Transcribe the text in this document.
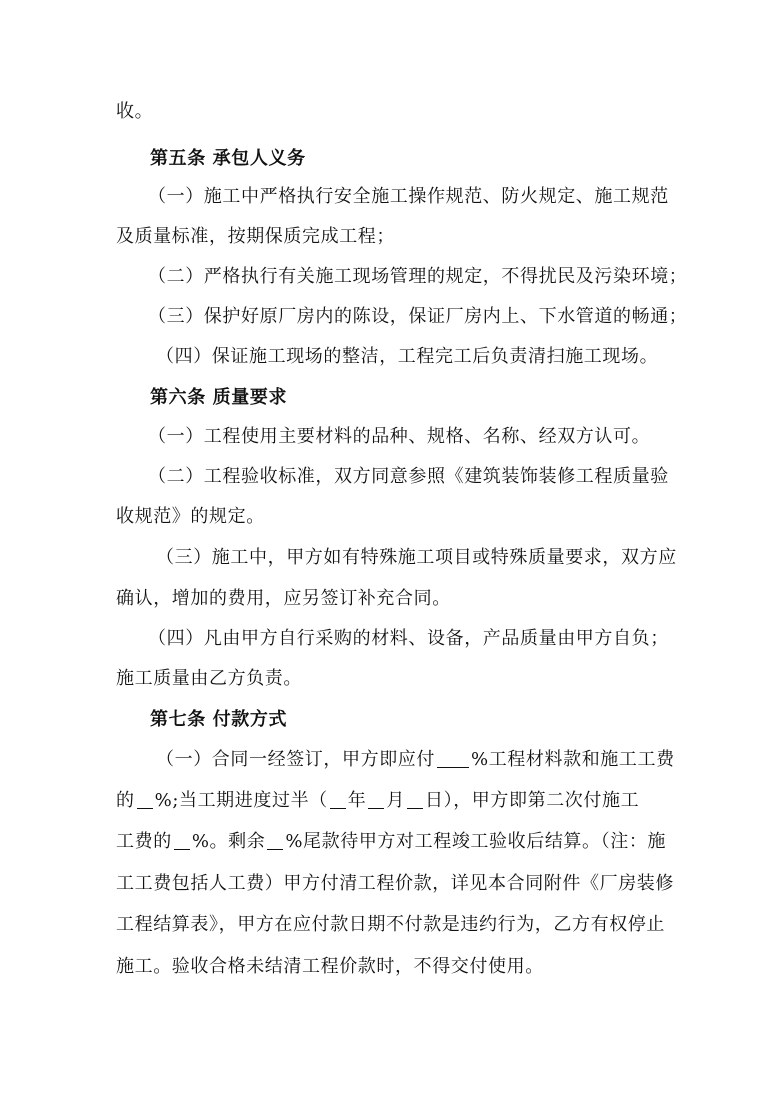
收。
第五条 承包人义务
（一）施工中严格执行安全施工操作规范、防火规定、施工规范
及质量标准，按期保质完成工程；
（二）严格执行有关施工现场管理的规定，不得扰民及污染环境；
（三）保护好原厂房内的陈设，保证厂房内上、下水管道的畅通；
（四）保证施工现场的整洁，工程完工后负责清扫施工现场。
第六条 质量要求
（一）工程使用主要材料的品种、规格、名称、经双方认可。
（二）工程验收标准，双方同意参照《建筑装饰装修工程质量验
收规范》的规定。
（三）施工中，甲方如有特殊施工项目或特殊质量要求，双方应
确认，增加的费用，应另签订补充合同。
（四）凡由甲方自行采购的材料、设备，产品质量由甲方自负；
施工质量由乙方负责。
第七条 付款方式
（一）合同一经签订，甲方即应付 %工程材料款和施工工费
的 %;当工期进度过半（ 年 月 日），甲方即第二次付施工
工费的 %。剩余 %尾款待甲方对工程竣工验收后结算。（注：施
工工费包括人工费）甲方付清工程价款，详见本合同附件《厂房装修
工程结算表》，甲方在应付款日期不付款是违约行为，乙方有权停止
施工。验收合格未结清工程价款时，不得交付使用。
